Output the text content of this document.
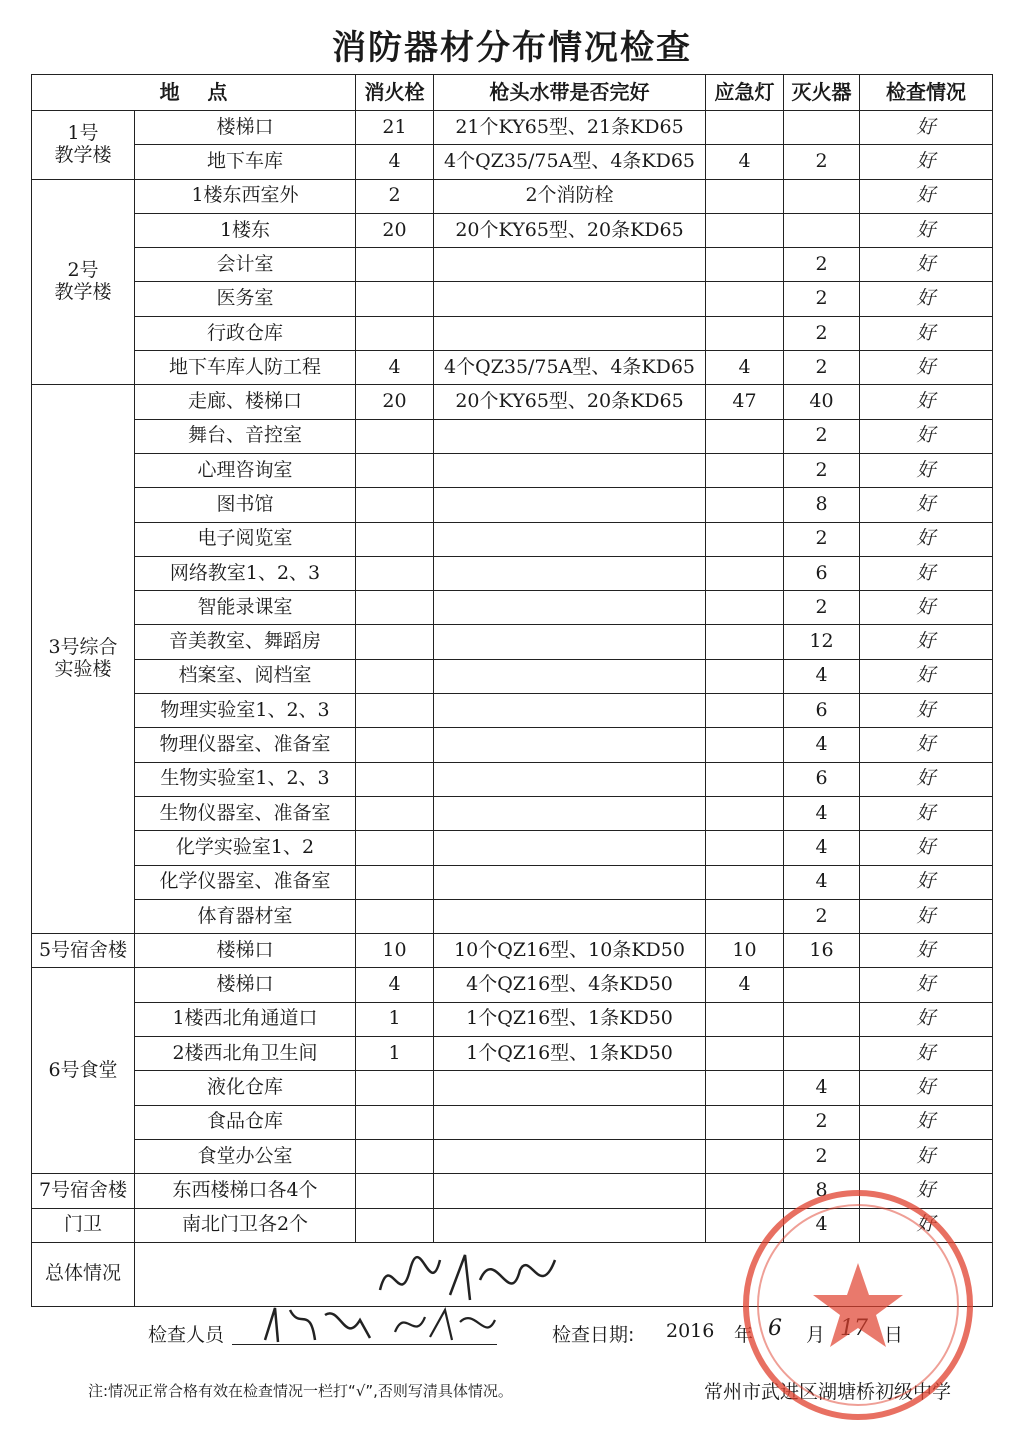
消防器材分布情况检查
地    点		消火栓	枪头水带是否完好	应急灯	灭火器	检查情况
1号
教学楼	楼梯口	21	21个KY65型、21条KD65			好
	地下车库	4	4个QZ35/75A型、4条KD65	4	2	好
2号
教学楼	1楼东西室外	2	2个消防栓			好
	1楼东	20	20个KY65型、20条KD65			好
	会计室				2	好
	医务室				2	好
	行政仓库				2	好
	地下车库人防工程	4	4个QZ35/75A型、4条KD65	4	2	好
3号综合
实验楼	走廊、楼梯口	20	20个KY65型、20条KD65	47	40	好
	舞台、音控室				2	好
	心理咨询室				2	好
	图书馆				8	好
	电子阅览室				2	好
	网络教室1、2、3				6	好
	智能录课室				2	好
	音美教室、舞蹈房				12	好
	档案室、阅档室				4	好
	物理实验室1、2、3				6	好
	物理仪器室、准备室				4	好
	生物实验室1、2、3				6	好
	生物仪器室、准备室				4	好
	化学实验室1、2				4	好
	化学仪器室、准备室				4	好
	体育器材室				2	好
5号宿舍楼	楼梯口	10	10个QZ16型、10条KD50	10	16	好
6号食堂	楼梯口	4	4个QZ16型、4条KD50	4		好
	1楼西北角通道口	1	1个QZ16型、1条KD50			好
	2楼西北角卫生间	1	1个QZ16型、1条KD50			好
	液化仓库				4	好
	食品仓库				2	好
	食堂办公室				2	好
7号宿舍楼	东西楼梯口各4个				8	好
门卫	南北门卫各2个				4	好
总体情况						
检查人员	检查日期: 2016 年 6 月	日
注:情况正常合格有效在检查情况一栏打“√”,否则写清具体情况。	常州市武进区湖塘桥初级中学
